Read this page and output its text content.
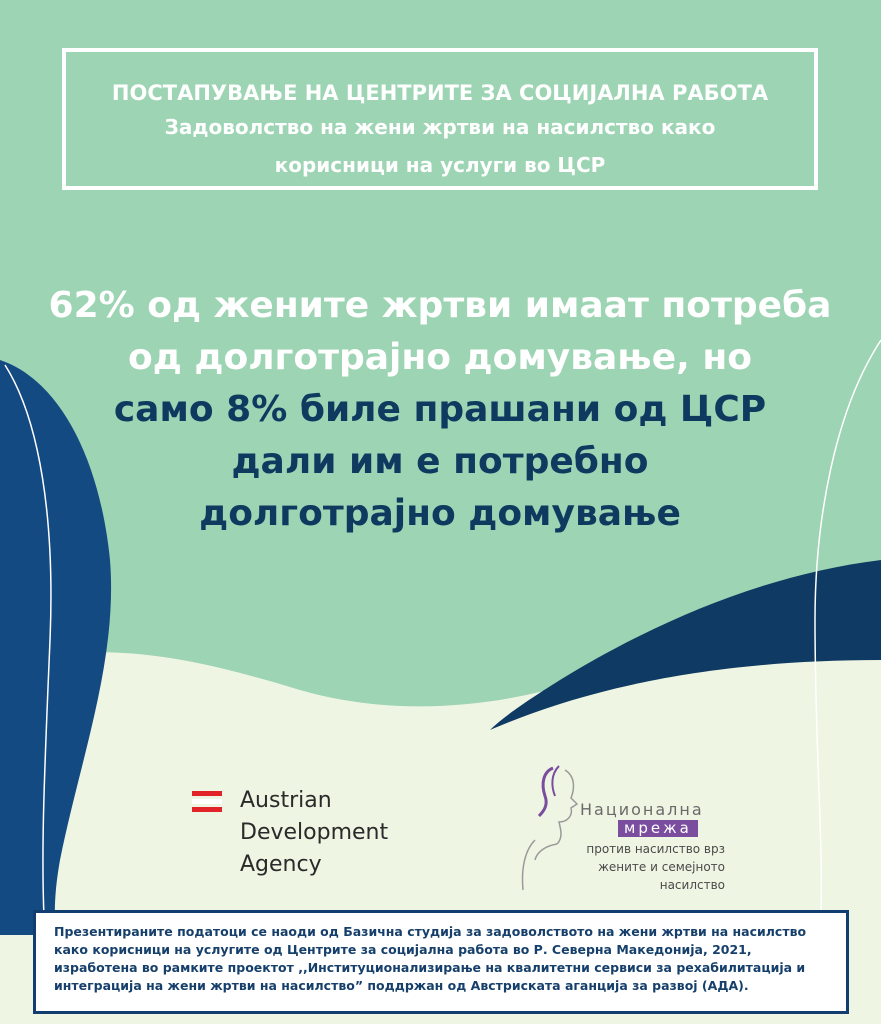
ПОСТАПУВАЊЕ НА ЦЕНТРИТЕ ЗА СОЦИЈАЛНА РАБОТА
Задоволство на жени жртви на насилство како корисници на услуги во ЦСР
62% од жените жртви имаат потреба
од долготрајно домување, но
само 8% биле прашани од ЦСР
дали им е потребно
долготрајно домување
Austrian
Development
Agency
Национална
мрежа
против насилство врз
жените и семејното
насилство
Презентираните податоци се наоди од Базична студија за задоволството на жени жртви на насилство како корисници на услугите од Центрите за социјална работа во Р. Северна Македонија, 2021, изработена во рамките проектот ,,Институционализирање на квалитетни сервиси за рехабилитација и интеграција на жени жртви на насилство” поддржан од Австриската аганција за развој (АДА).
